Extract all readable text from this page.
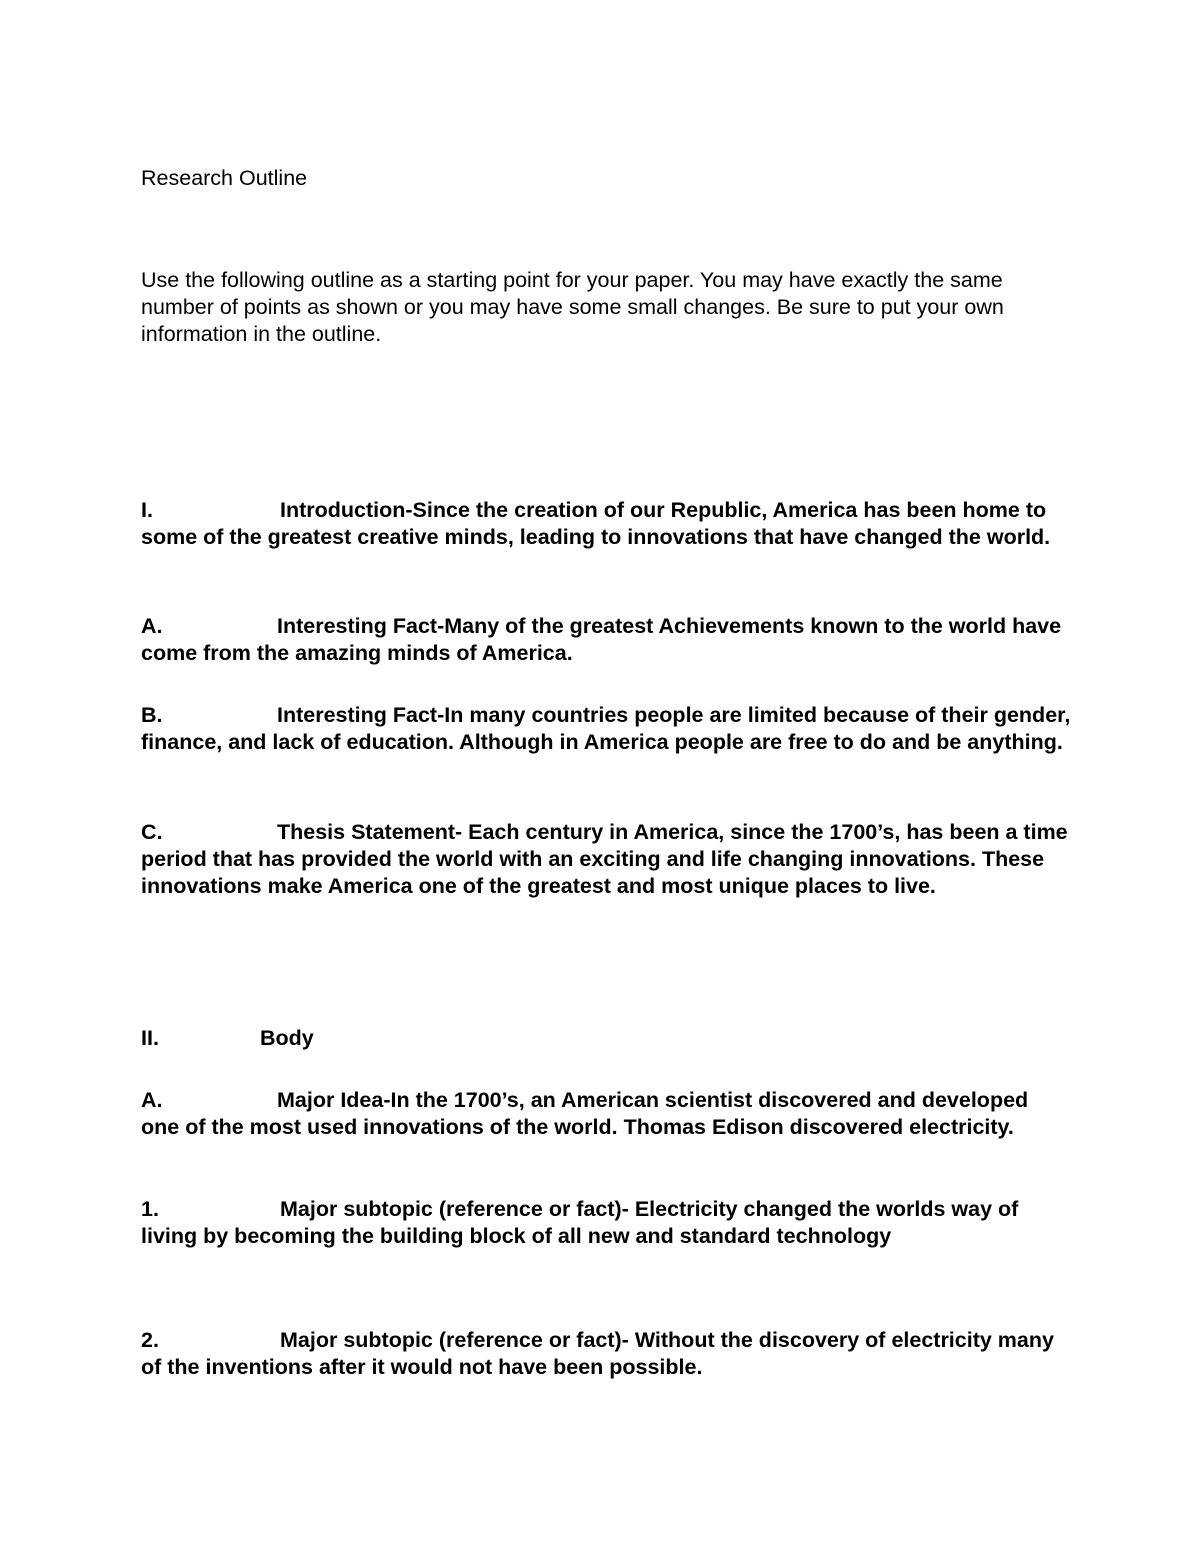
Research Outline

Use the following outline as a starting point for your paper. You may have exactly the same number of points as shown or you may have some small changes. Be sure to put your own information in the outline.

I.	Introduction-Since the creation of our Republic, America has been home to some of the greatest creative minds, leading to innovations that have changed the world.

A.	Interesting Fact-Many of the greatest Achievements known to the world have come from the amazing minds of America.

B.	Interesting Fact-In many countries people are limited because of their gender, finance, and lack of education. Although in America people are free to do and be anything.

C.	Thesis Statement- Each century in America, since the 1700’s, has been a time period that has provided the world with an exciting and life changing innovations. These innovations make America one of the greatest and most unique places to live.

II.	Body

A.	Major Idea-In the 1700’s, an American scientist discovered and developed one of the most used innovations of the world. Thomas Edison discovered electricity.

1.	Major subtopic (reference or fact)- Electricity changed the worlds way of living by becoming the building block of all new and standard technology

2.	Major subtopic (reference or fact)- Without the discovery of electricity many of the inventions after it would not have been possible.
